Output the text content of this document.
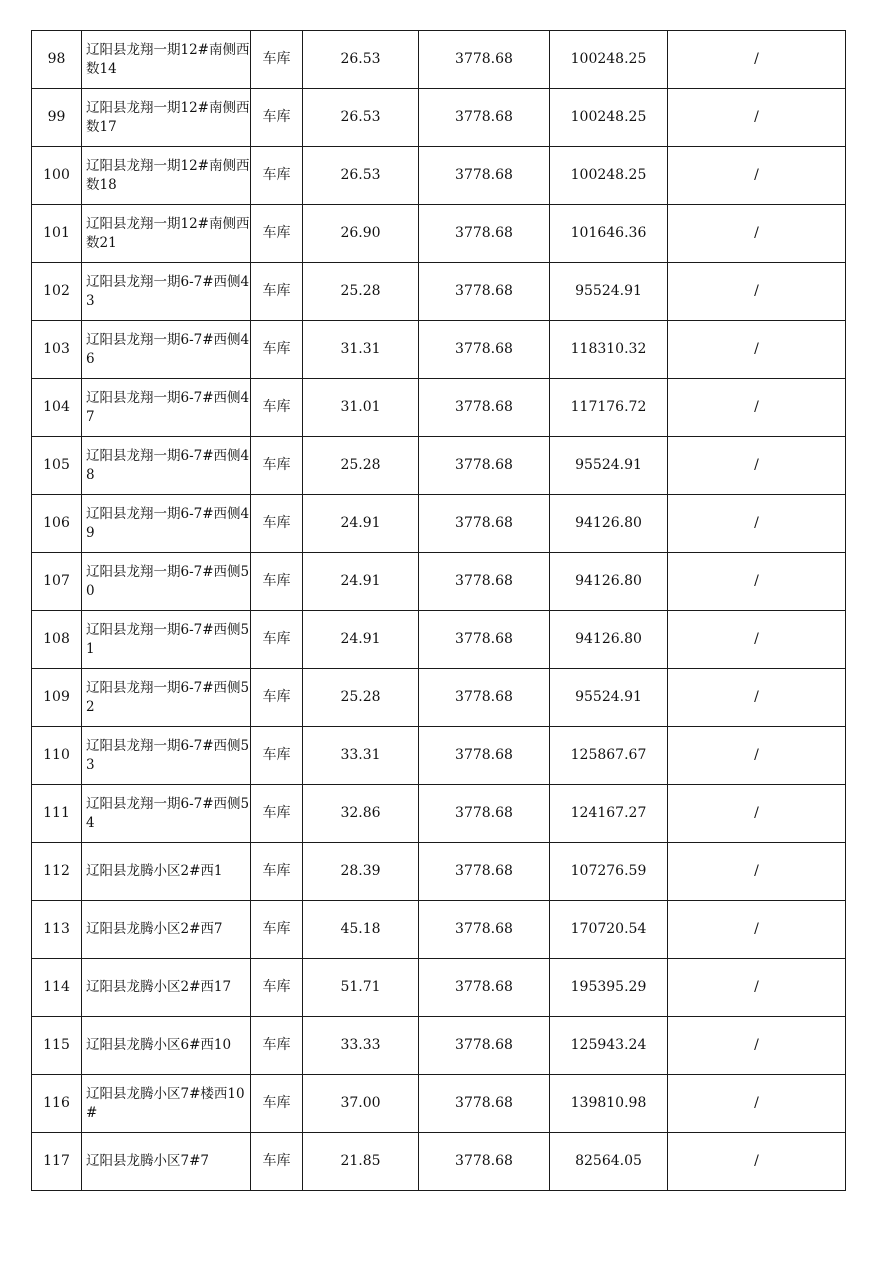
98	辽阳县龙翔一期12#南侧西数14	车库	26.53	3778.68	100248.25	/
99	辽阳县龙翔一期12#南侧西数17	车库	26.53	3778.68	100248.25	/
100	辽阳县龙翔一期12#南侧西数18	车库	26.53	3778.68	100248.25	/
101	辽阳县龙翔一期12#南侧西数21	车库	26.90	3778.68	101646.36	/
102	辽阳县龙翔一期6-7#西侧43	车库	25.28	3778.68	95524.91	/
103	辽阳县龙翔一期6-7#西侧46	车库	31.31	3778.68	118310.32	/
104	辽阳县龙翔一期6-7#西侧47	车库	31.01	3778.68	117176.72	/
105	辽阳县龙翔一期6-7#西侧48	车库	25.28	3778.68	95524.91	/
106	辽阳县龙翔一期6-7#西侧49	车库	24.91	3778.68	94126.80	/
107	辽阳县龙翔一期6-7#西侧50	车库	24.91	3778.68	94126.80	/
108	辽阳县龙翔一期6-7#西侧51	车库	24.91	3778.68	94126.80	/
109	辽阳县龙翔一期6-7#西侧52	车库	25.28	3778.68	95524.91	/
110	辽阳县龙翔一期6-7#西侧53	车库	33.31	3778.68	125867.67	/
111	辽阳县龙翔一期6-7#西侧54	车库	32.86	3778.68	124167.27	/
112	辽阳县龙腾小区2#西1	车库	28.39	3778.68	107276.59	/
113	辽阳县龙腾小区2#西7	车库	45.18	3778.68	170720.54	/
114	辽阳县龙腾小区2#西17	车库	51.71	3778.68	195395.29	/
115	辽阳县龙腾小区6#西10	车库	33.33	3778.68	125943.24	/
116	辽阳县龙腾小区7#楼西10#	车库	37.00	3778.68	139810.98	/
117	辽阳县龙腾小区7#7	车库	21.85	3778.68	82564.05	/
